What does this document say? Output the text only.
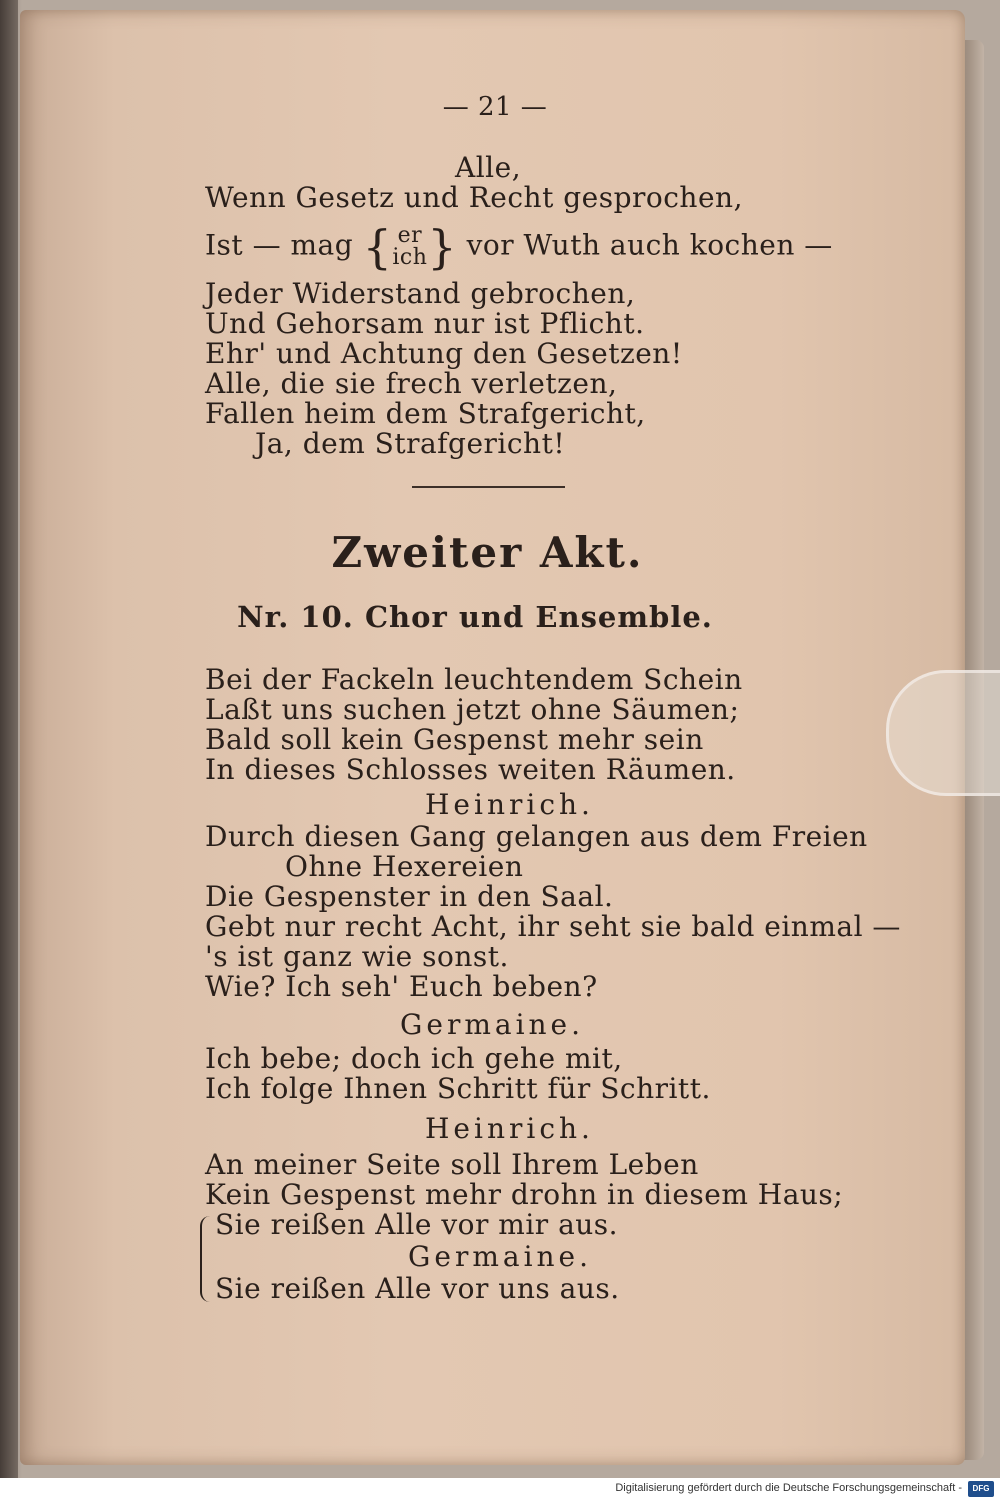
— 21 —
Alle,
Wenn Gesetz und Recht gesprochen,
Ist — mag { er
ich} vor Wuth auch kochen —
Jeder Widerstand gebrochen,
Und Gehorsam nur ist Pflicht.
Ehr' und Achtung den Gesetzen!
Alle, die sie frech verletzen,
Fallen heim dem Strafgericht,
Ja, dem Strafgericht!
Zweiter Akt.
Nr. 10. Chor und Ensemble.
Bei der Fackeln leuchtendem Schein
Laßt uns suchen jetzt ohne Säumen;
Bald soll kein Gespenst mehr sein
In dieses Schlosses weiten Räumen.
Heinrich.
Durch diesen Gang gelangen aus dem Freien
Ohne Hexereien
Die Gespenster in den Saal.
Gebt nur recht Acht, ihr seht sie bald einmal —
's ist ganz wie sonst.
Wie? Ich seh' Euch beben?
Germaine.
Ich bebe; doch ich gehe mit,
Ich folge Ihnen Schritt für Schritt.
Heinrich.
An meiner Seite soll Ihrem Leben
Kein Gespenst mehr drohn in diesem Haus;
Sie reißen Alle vor mir aus.
Germaine.
Sie reißen Alle vor uns aus.
Digitalisierung gefördert durch die Deutsche Forschungsgemeinschaft -	DFG
